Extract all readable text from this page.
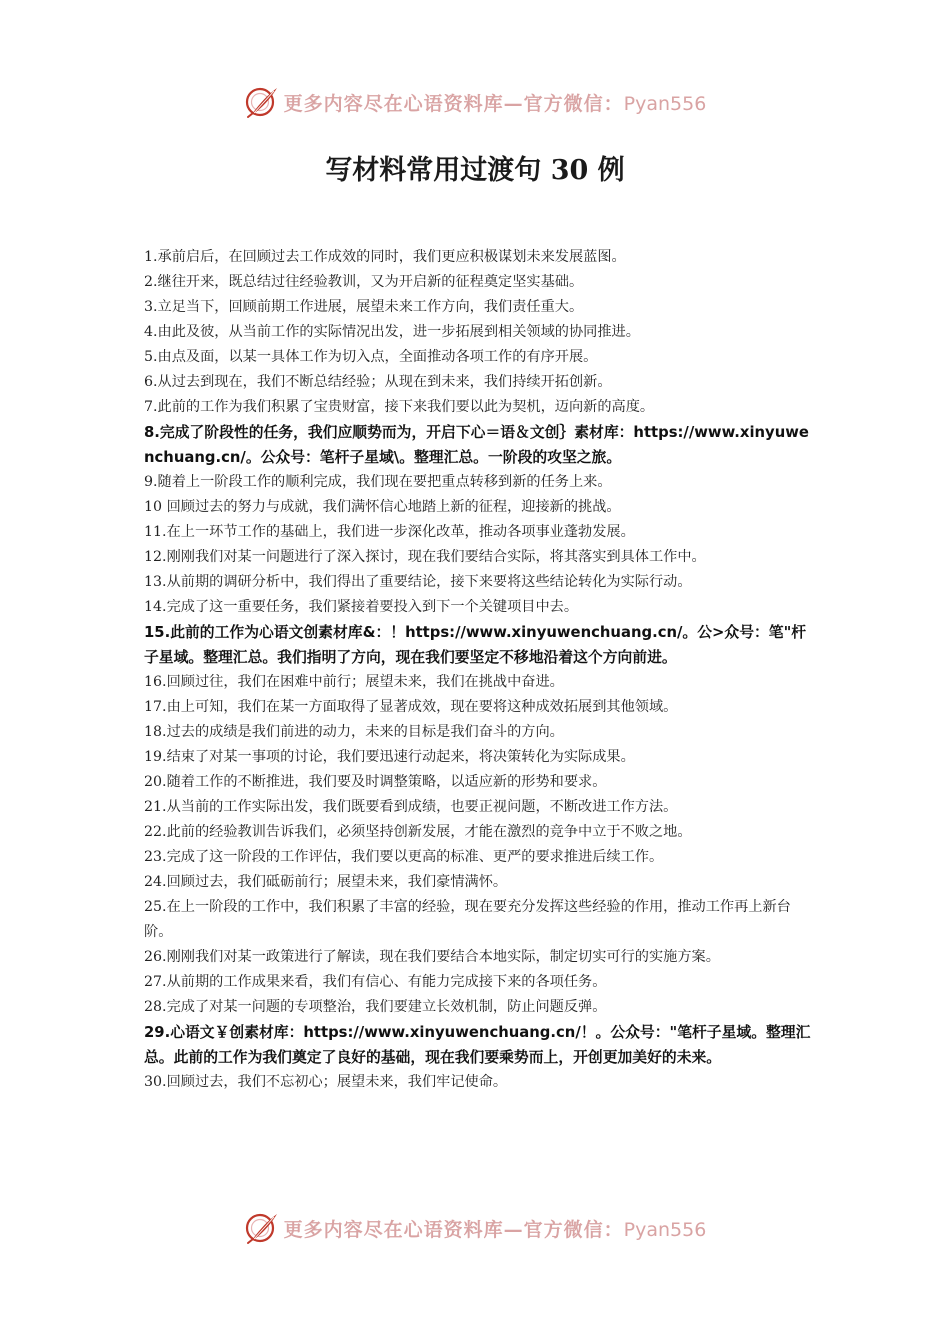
更多内容尽在心语资料库—官方微信：Pyan556
写材料常用过渡句 30 例
1.承前启后，在回顾过去工作成效的同时，我们更应积极谋划未来发展蓝图。
2.继往开来，既总结过往经验教训，又为开启新的征程奠定坚实基础。
3.立足当下，回顾前期工作进展，展望未来工作方向，我们责任重大。
4.由此及彼，从当前工作的实际情况出发，进一步拓展到相关领域的协同推进。
5.由点及面，以某一具体工作为切入点，全面推动各项工作的有序开展。
6.从过去到现在，我们不断总结经验；从现在到未来，我们持续开拓创新。
7.此前的工作为我们积累了宝贵财富，接下来我们要以此为契机，迈向新的高度。
8.完成了阶段性的任务，我们应顺势而为，开启下心＝语＆文创｝素材库：https://www.xinyuwenchuang.cn/。公众号：笔杆子星域\。整理汇总。一阶段的攻坚之旅。
9.随着上一阶段工作的顺利完成，我们现在要把重点转移到新的任务上来。
10 回顾过去的努力与成就，我们满怀信心地踏上新的征程，迎接新的挑战。
11.在上一环节工作的基础上，我们进一步深化改革，推动各项事业蓬勃发展。
12.刚刚我们对某一问题进行了深入探讨，现在我们要结合实际，将其落实到具体工作中。
13.从前期的调研分析中，我们得出了重要结论，接下来要将这些结论转化为实际行动。
14.完成了这一重要任务，我们紧接着要投入到下一个关键项目中去。
15.此前的工作为心语文创素材库&：！https://www.xinyuwenchuang.cn/。公>众号：笔"杆子星域。整理汇总。我们指明了方向，现在我们要坚定不移地沿着这个方向前进。
16.回顾过往，我们在困难中前行；展望未来，我们在挑战中奋进。
17.由上可知，我们在某一方面取得了显著成效，现在要将这种成效拓展到其他领域。
18.过去的成绩是我们前进的动力，未来的目标是我们奋斗的方向。
19.结束了对某一事项的讨论，我们要迅速行动起来，将决策转化为实际成果。
20.随着工作的不断推进，我们要及时调整策略，以适应新的形势和要求。
21.从当前的工作实际出发，我们既要看到成绩，也要正视问题，不断改进工作方法。
22.此前的经验教训告诉我们，必须坚持创新发展，才能在激烈的竞争中立于不败之地。
23.完成了这一阶段的工作评估，我们要以更高的标准、更严的要求推进后续工作。
24.回顾过去，我们砥砺前行；展望未来，我们豪情满怀。
25.在上一阶段的工作中，我们积累了丰富的经验，现在要充分发挥这些经验的作用，推动工作再上新台阶。
26.刚刚我们对某一政策进行了解读，现在我们要结合本地实际，制定切实可行的实施方案。
27.从前期的工作成果来看，我们有信心、有能力完成接下来的各项任务。
28.完成了对某一问题的专项整治，我们要建立长效机制，防止问题反弹。
29.心语文￥创素材库：https://www.xinyuwenchuang.cn/！。公众号："笔杆子星域。整理汇总。此前的工作为我们奠定了良好的基础，现在我们要乘势而上，开创更加美好的未来。
30.回顾过去，我们不忘初心；展望未来，我们牢记使命。
更多内容尽在心语资料库—官方微信：Pyan556
